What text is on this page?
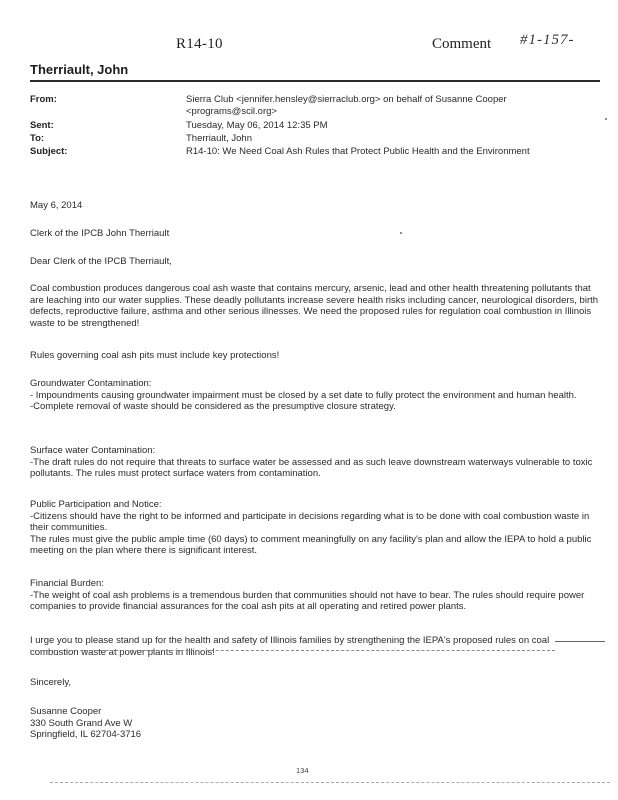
R14-10	Comment #1-157-
Therriault, John
From:	Sierra Club <jennifer.hensley@sierraclub.org> on behalf of Susanne Cooper
<programs@scil.org>
Sent:	Tuesday, May 06, 2014 12:35 PM
To:	Therriault, John
Subject:	R14-10: We Need Coal Ash Rules that Protect Public Health and the Environment
May 6, 2014
Clerk of the IPCB John Therriault
Dear Clerk of the IPCB Therriault,
Coal combustion produces dangerous coal ash waste that contains mercury, arsenic, lead and other health threatening pollutants that are leaching into our water supplies. These deadly pollutants increase severe health risks including cancer, neurological disorders, birth defects, reproductive failure, asthma and other serious illnesses. We need the proposed rules for regulation coal combustion in Illinois waste to be strengthened!
Rules governing coal ash pits must include key protections!

Groundwater Contamination:

- Impoundments causing groundwater impairment must be closed by a set date to fully protect the environment and human health.

-Complete removal of waste should be considered as the presumptive closure strategy.

Surface water Contamination:

-The draft rules do not require that threats to surface water be assessed and as such leave downstream waterways vulnerable to toxic pollutants. The rules must protect surface waters from contamination.

Public Participation and Notice:

-Citizens should have the right to be informed and participate in decisions regarding what is to be done with coal combustion waste in their communities.

The rules must give the public ample time (60 days) to comment meaningfully on any facility's plan and allow the IEPA to hold a public meeting on the plan where there is significant interest.

Financial Burden:

-The weight of coal ash problems is a tremendous burden that communities should not have to bear. The rules should require power companies to provide financial assurances for the coal ash pits at all operating and retired power plants.

I urge you to please stand up for the health and safety of Illinois families by strengthening the IEPA's proposed rules on coal combustion waste at power plants in Illinois!
Sincerely,

Susanne Cooper

330 South Grand Ave W

Springfield, IL 62704-3716

134
